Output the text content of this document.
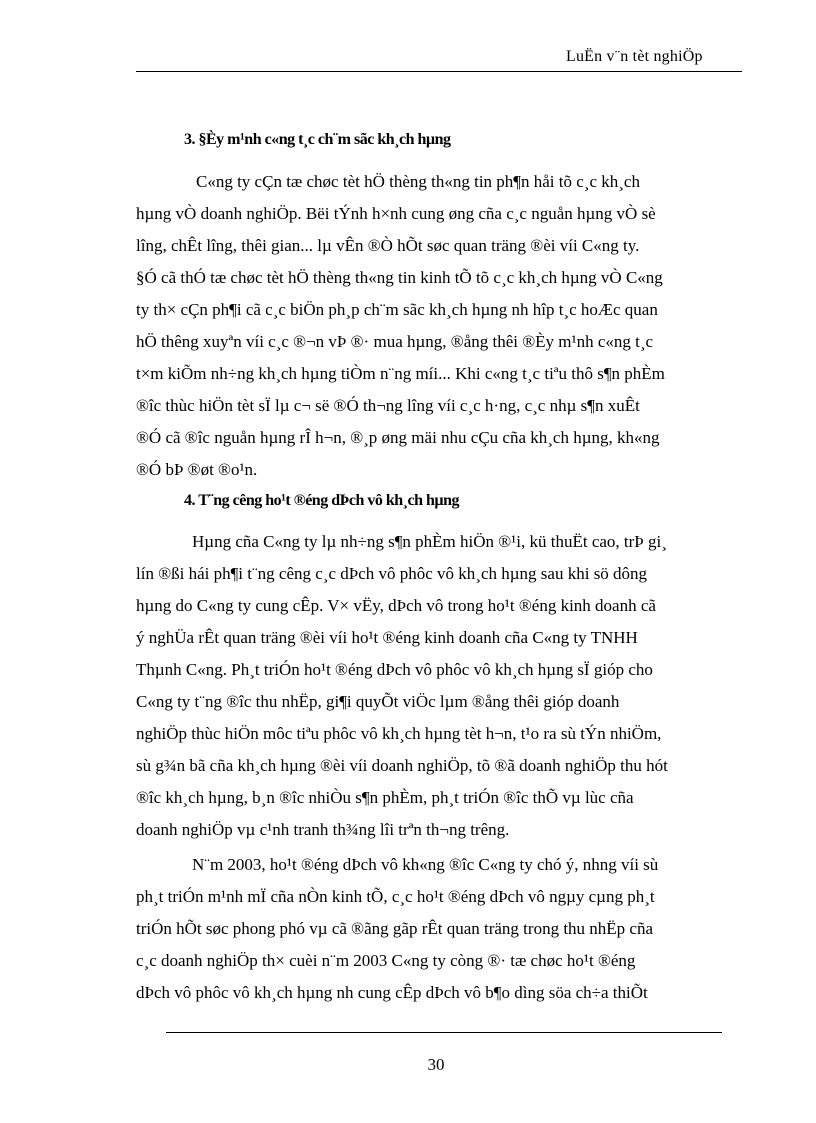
LuËn v¨n tèt nghiÖp
3. §Èy m¹nh c«ng t¸c ch¨m sãc kh¸ch hµng
C«ng ty cÇn tæ chøc tèt hÖ thèng th«ng tin ph¶n håi tõ c¸c kh¸ch
hµng vÒ doanh nghiÖp. Bëi tÝnh h×nh cung øng cña c¸c nguån hµng vÒ sè
lîng, chÊt lîng, thêi gian... lµ vÊn ®Ò hÕt søc quan träng ®èi víi C«ng ty.
§Ó cã thÓ tæ chøc tèt hÖ thèng th«ng tin kinh tÕ tõ c¸c kh¸ch hµng vÒ C«ng
ty th× cÇn ph¶i cã c¸c biÖn ph¸p ch¨m sãc kh¸ch hµng nh hîp t¸c hoÆc quan
hÖ thêng xuyªn víi c¸c ®¬n vÞ ®· mua hµng, ®ång thêi ®Èy m¹nh c«ng t¸c
t×m kiÕm nh÷ng kh¸ch hµng tiÒm n¨ng míi... Khi c«ng t¸c tiªu thô s¶n phÈm
®îc thùc hiÖn tèt sÏ lµ c¬ së ®Ó th¬ng lîng víi c¸c h·ng, c¸c nhµ s¶n xuÊt
®Ó cã ®îc nguån hµng rÎ h¬n, ®¸p øng mäi nhu cÇu cña kh¸ch hµng, kh«ng
®Ó bÞ ®øt ®o¹n.
4. T¨ng cêng ho¹t ®éng dÞch vô kh¸ch hµng
Hµng cña C«ng ty lµ nh÷ng s¶n phÈm hiÖn ®¹i, kü thuËt cao, trÞ gi¸
lín ®ßi hái ph¶i t¨ng cêng c¸c dÞch vô phôc vô kh¸ch hµng sau khi sö dông
hµng do C«ng ty cung cÊp. V× vËy, dÞch vô trong ho¹t ®éng kinh doanh cã
ý nghÜa rÊt quan träng ®èi víi ho¹t ®éng kinh doanh cña C«ng ty TNHH
Thµnh C«ng. Ph¸t triÓn ho¹t ®éng dÞch vô phôc vô kh¸ch hµng sÏ gióp cho
C«ng ty t¨ng ®îc thu nhËp, gi¶i quyÕt viÖc lµm ®ång thêi gióp doanh
nghiÖp thùc hiÖn môc tiªu phôc vô kh¸ch hµng tèt h¬n, t¹o ra sù tÝn nhiÖm,
sù g¾n bã cña kh¸ch hµng ®èi víi doanh nghiÖp, tõ ®ã doanh nghiÖp thu hót
®îc kh¸ch hµng, b¸n ®îc nhiÒu s¶n phÈm, ph¸t triÓn ®îc thÕ vµ lùc cña
doanh nghiÖp vµ c¹nh tranh th¾ng lîi trªn th¬ng trêng.
N¨m 2003, ho¹t ®éng dÞch vô kh«ng ®îc C«ng ty chó ý, nhng víi sù
ph¸t triÓn m¹nh mÏ cña nÒn kinh tÕ, c¸c ho¹t ®éng dÞch vô ngµy cµng ph¸t
triÓn hÕt søc phong phó vµ cã ®ãng gãp rÊt quan träng trong thu nhËp cña
c¸c doanh nghiÖp th× cuèi n¨m 2003 C«ng ty còng ®· tæ chøc ho¹t ®éng
dÞch vô phôc vô kh¸ch hµng nh cung cÊp dÞch vô b¶o dìng söa ch÷a thiÕt
30
